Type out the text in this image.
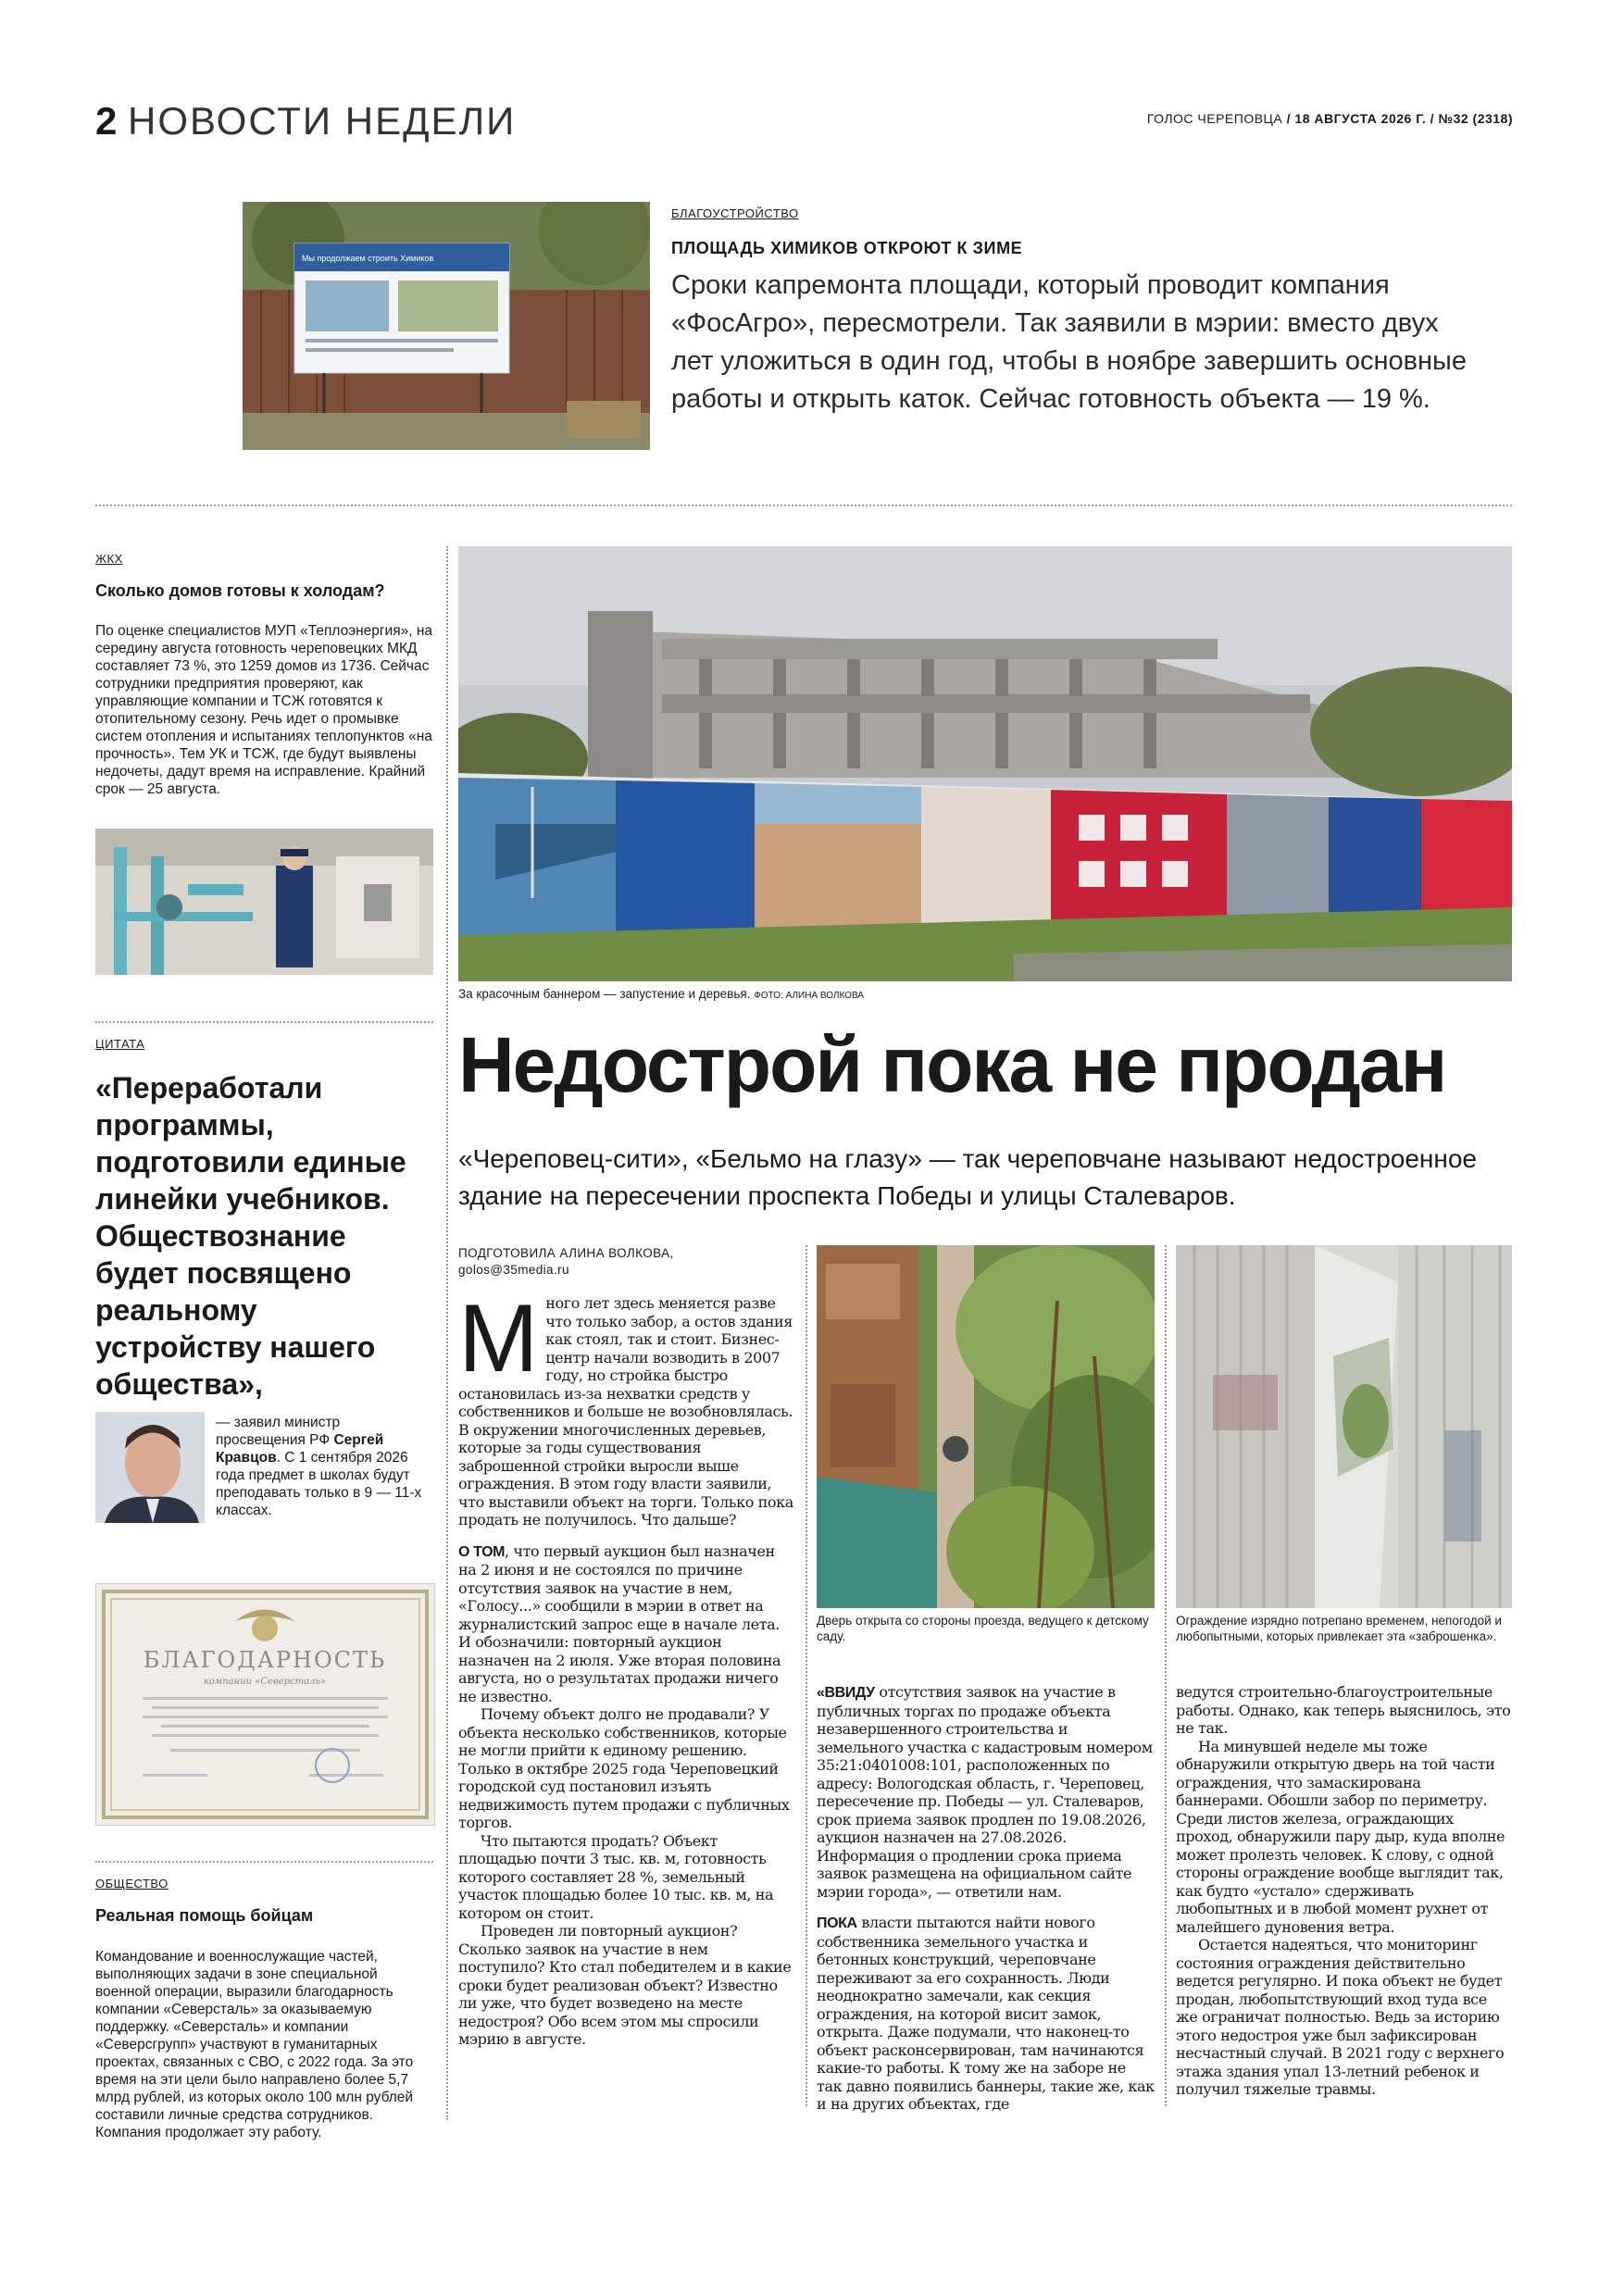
2 НОВОСТИ НЕДЕЛИ	ГОЛОС ЧЕРЕПОВЦА / 18 АВГУСТА 2026 Г. / №32 (2318)
Мы продолжаем строить Химиков
БЛАГОУСТРОЙСТВО
ПЛОЩАДЬ ХИМИКОВ ОТКРОЮТ К ЗИМЕ
Сроки капремонта площади, который проводит компания «ФосАгро», пересмотрели. Так заявили в мэрии: вместо двух лет уложиться в один год, чтобы в ноябре завершить основные работы и открыть каток. Сейчас готовность объекта — 19 %.
ЖКХ
Сколько домов готовы к холодам?
По оценке специалистов МУП «Теплоэнергия», на середину августа готовность череповецких МКД составляет 73 %, это 1259 домов из 1736. Сейчас сотрудники предприятия проверяют, как управляющие компании и ТСЖ готовятся к отопительному сезону. Речь идет о промывке систем отопления и испытаниях теплопунктов «на прочность». Тем УК и ТСЖ, где будут выявлены недочеты, дадут время на исправление. Крайний срок — 25 августа.
ЦИТАТА
«Переработали программы, подготовили единые линейки учебников. Обществознание будет посвящено реальному устройству нашего общества»,
— заявил министр просвещения РФ Сергей Кравцов. С 1 сентября 2026 года предмет в школах будут преподавать только в 9 — 11-х классах.
БЛАГОДАРНОСТЬ
компании «Северсталь»
ОБЩЕСТВО
Реальная помощь бойцам
Командование и военнослужащие частей, выполняющих задачи в зоне специальной военной операции, выразили благодарность компании «Северсталь» за оказываемую поддержку. «Северсталь» и компании «Северсгрупп» участвуют в гуманитарных проектах, связанных с СВО, с 2022 года. За это время на эти цели было направлено более 5,7 млрд рублей, из которых около 100 млн рублей составили личные средства сотрудников. Компания продолжает эту работу.
За красочным баннером — запустение и деревья. ФОТО: АЛИНА ВОЛКОВА
Недострой пока не продан
«Череповец-сити», «Бельмо на глазу» — так череповчане называют недостроенное здание на пересечении проспекта Победы и улицы Сталеваров.
ПОДГОТОВИЛА АЛИНА ВОЛКОВА,
golos@35media.ru

Много лет здесь меняется разве что только забор, а остов здания как стоял, так и стоит. Бизнес-центр начали возводить в 2007 году, но стройка быстро остановилась из-за нехватки средств у собственников и больше не возобновлялась. В окружении многочисленных деревьев, которые за годы существования заброшенной стройки выросли выше ограждения. В этом году власти заявили, что выставили объект на торги. Только пока продать не получилось. Что дальше?

О ТОМ, что первый аукцион был назначен на 2 июня и не состоялся по причине отсутствия заявок на участие в нем, «Голосу...» сообщили в мэрии в ответ на журналистский запрос еще в начале лета. И обозначили: повторный аукцион назначен на 2 июля. Уже вторая половина августа, но о результатах продажи ничего не известно.

Почему объект долго не продавали? У объекта несколько собственников, которые не могли прийти к единому решению. Только в октябре 2025 года Череповецкий городской суд постановил изъять недвижимость путем продажи с публичных торгов.

Что пытаются продать? Объект площадью почти 3 тыс. кв. м, готовность которого составляет 28 %, земельный участок площадью более 10 тыс. кв. м, на котором он стоит.

Проведен ли повторный аукцион? Сколько заявок на участие в нем поступило? Кто стал победителем и в какие сроки будет реализован объект? Известно ли уже, что будет возведено на месте недостроя? Обо всем этом мы спросили мэрию в августе.

Дверь открыта со стороны проезда, ведущего к детскому саду.
Ограждение изрядно потрепано временем, непогодой и любопытными, которых привлекает эта «заброшенка».

«ВВИДУ отсутствия заявок на участие в публичных торгах по продаже объекта незавершенного строительства и земельного участка с кадастровым номером 35:21:0401008:101, расположенных по адресу: Вологодская область, г. Череповец, пересечение пр. Победы — ул. Сталеваров, срок приема заявок продлен по 19.08.2026, аукцион назначен на 27.08.2026. Информация о продлении срока приема заявок размещена на официальном сайте мэрии города», — ответили нам.

ПОКА власти пытаются найти нового собственника земельного участка и бетонных конструкций, череповчане переживают за его сохранность. Люди неоднократно замечали, как секция ограждения, на которой висит замок, открыта. Даже подумали, что наконец-то объект расконсервирован, там начинаются какие-то работы. К тому же на заборе не так давно появились баннеры, такие же, как и на других объектах, где

ведутся строительно-благоустроительные работы. Однако, как теперь выяснилось, это не так.

На минувшей неделе мы тоже обнаружили открытую дверь на той части ограждения, что замаскирована баннерами. Обошли забор по периметру. Среди листов железа, ограждающих проход, обнаружили пару дыр, куда вполне может пролезть человек. К слову, с одной стороны ограждение вообще выглядит так, как будто «устало» сдерживать любопытных и в любой момент рухнет от малейшего дуновения ветра.

Остается надеяться, что мониторинг состояния ограждения действительно ведется регулярно. И пока объект не будет продан, любопытствующий вход туда все же ограничат полностью. Ведь за историю этого недостроя уже был зафиксирован несчастный случай. В 2021 году с верхнего этажа здания упал 13-летний ребенок и получил тяжелые травмы.
